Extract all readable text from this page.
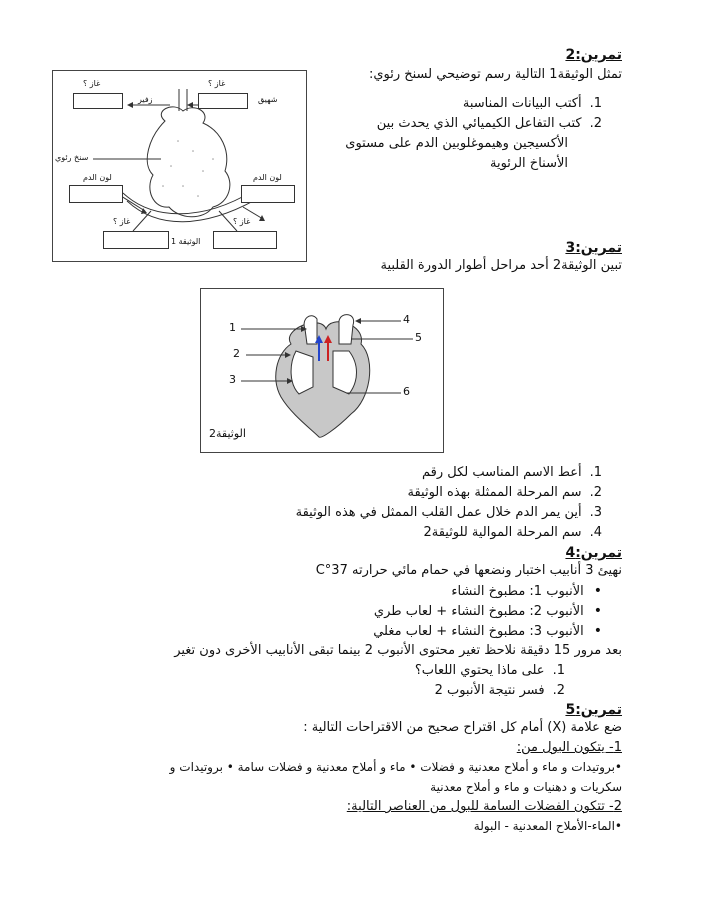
تمرين:2
تمثل الوثيقة1 التالية رسم توضيحي لسنخ رئوي:
1.أكتب البيانات المناسبة
2.كتب التفاعل الكيميائي الذي يحدث بين
الأكسيجين وهيموغلوبين الدم على مستوى
الأسناخ الرئوية
غاز ؟	غاز ؟
زفير	شهيق
سنخ رئوي
لون الدم	لون الدم
غاز ؟	غاز ؟
الوثيقة 1	تمرين:3
تبين الوثيقة2 أحد مراحل أطوار الدورة القلبية
1
2
3
4
5
6
الوثيقة2
1.أعط الاسم المناسب لكل رقم
2.سم المرحلة الممثلة بهذه الوثيقة
3.أين يمر الدم خلال عمل القلب الممثل في هذه الوثيقة
4.سم المرحلة الموالية للوثيقة2
تمرين:4
نهيئ 3 أنابيب اختبار ونضعها في حمام مائي حرارته 37°C
• الأنبوب 1: مطبوخ النشاء
• الأنبوب 2: مطبوخ النشاء + لعاب طري
• الأنبوب 3: مطبوخ النشاء + لعاب مغلي
بعد مرور 15 دقيقة نلاحظ تغير محتوى الأنبوب 2 بينما تبقى الأنابيب الأخرى دون تغير
1.على ماذا يحتوي اللعاب؟
2.فسر نتيجة الأنبوب 2
تمرين:5
ضع علامة (X) أمام كل اقتراح صحيح من الاقتراحات التالية :
1- يتكون البول من:
•بروتيدات و ماء و أملاح معدنية و فضلات • ماء و أملاح معدنية و فضلات سامة • بروتيدات و
سكريات و دهنيات و ماء و أملاح معدنية
2- تتكون الفضلات السامة للبول من العناصر التالية:
•الماء-الأملاح المعدنية - البولة
